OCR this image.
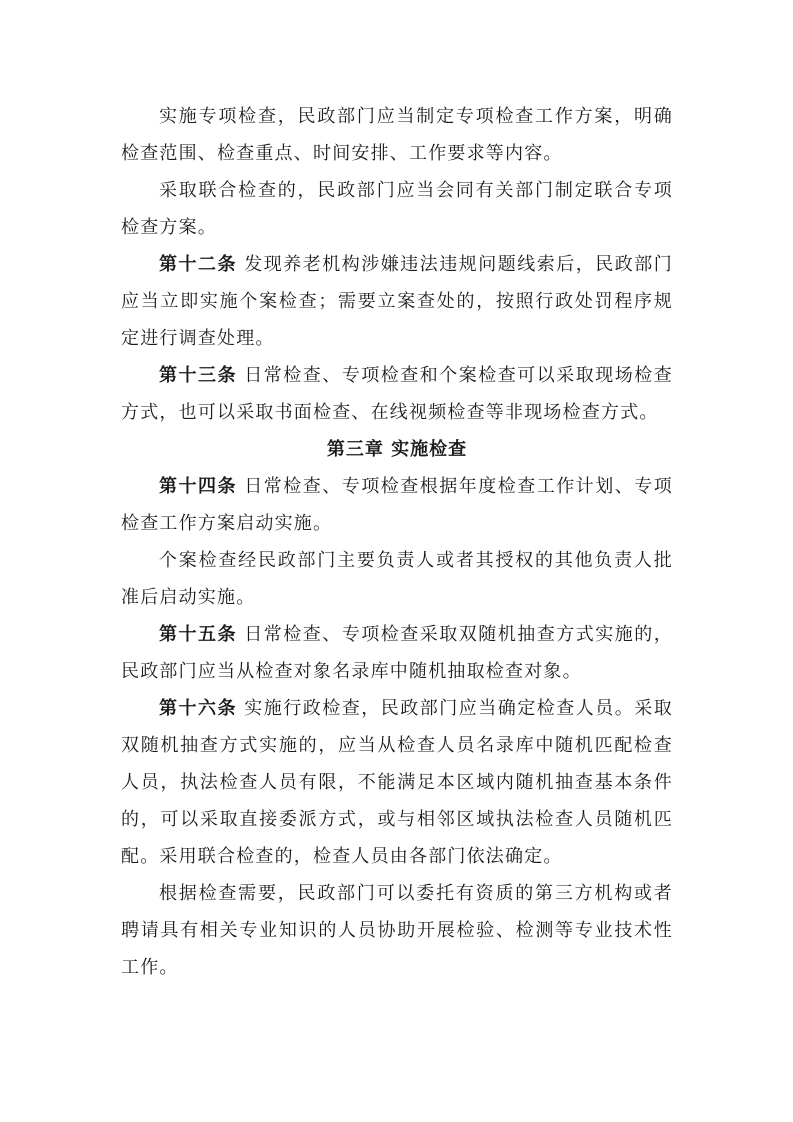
实施专项检查，民政部门应当制定专项检查工作方案，明确检查范围、检查重点、时间安排、工作要求等内容。

采取联合检查的，民政部门应当会同有关部门制定联合专项检查方案。

第十二条 发现养老机构涉嫌违法违规问题线索后，民政部门应当立即实施个案检查；需要立案查处的，按照行政处罚程序规定进行调查处理。

第十三条 日常检查、专项检查和个案检查可以采取现场检查方式，也可以采取书面检查、在线视频检查等非现场检查方式。

第三章 实施检查

第十四条 日常检查、专项检查根据年度检查工作计划、专项检查工作方案启动实施。

个案检查经民政部门主要负责人或者其授权的其他负责人批准后启动实施。

第十五条 日常检查、专项检查采取双随机抽查方式实施的，民政部门应当从检查对象名录库中随机抽取检查对象。

第十六条 实施行政检查，民政部门应当确定检查人员。采取双随机抽查方式实施的，应当从检查人员名录库中随机匹配检查人员，执法检查人员有限，不能满足本区域内随机抽查基本条件的，可以采取直接委派方式，或与相邻区域执法检查人员随机匹配。采用联合检查的，检查人员由各部门依法确定。

根据检查需要，民政部门可以委托有资质的第三方机构或者聘请具有相关专业知识的人员协助开展检验、检测等专业技术性工作。
